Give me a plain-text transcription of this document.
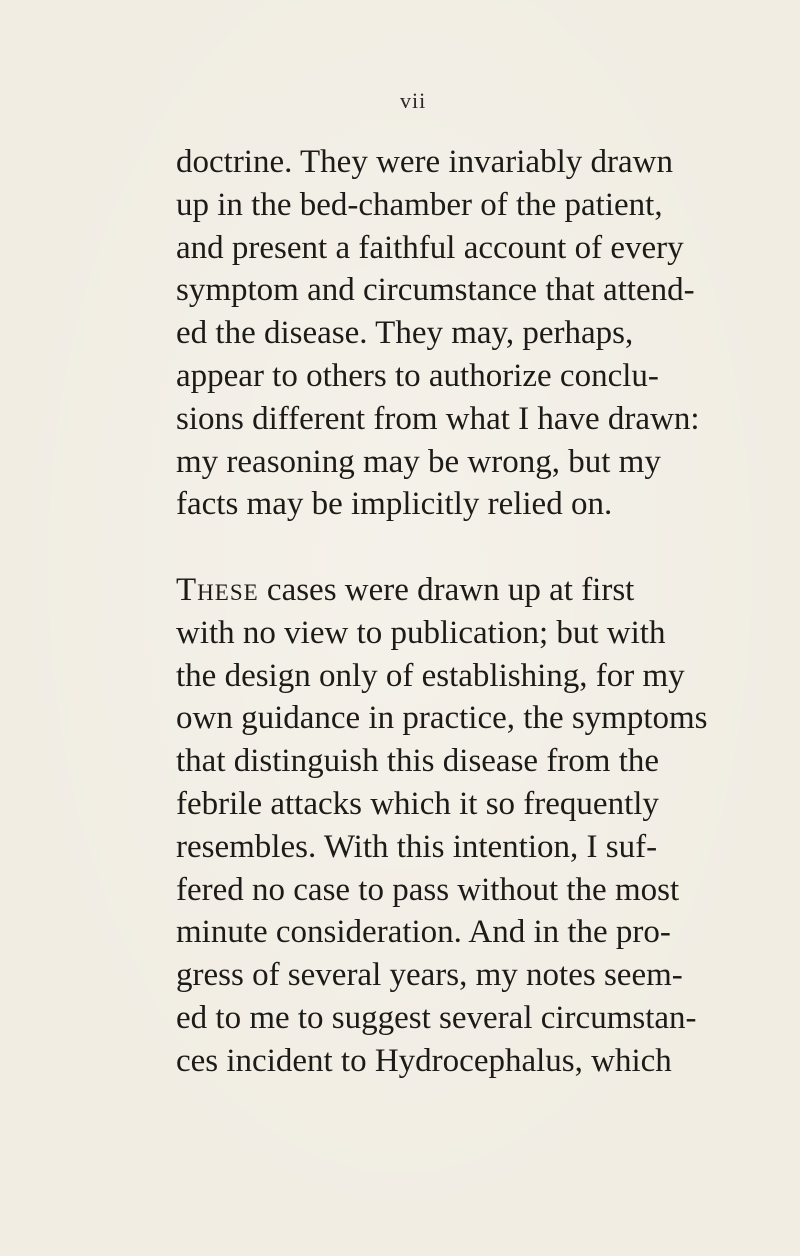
vii
doctrine. They were invariably drawn
up in the bed-chamber of the patient,
and present a faithful account of every
symptom and circumstance that attend-
ed the disease. They may, perhaps,
appear to others to authorize conclu-
sions different from what I have drawn:
my reasoning may be wrong, but my
facts may be implicitly relied on.
These cases were drawn up at first
with no view to publication; but with
the design only of establishing, for my
own guidance in practice, the symptoms
that distinguish this disease from the
febrile attacks which it so frequently
resembles. With this intention, I suf-
fered no case to pass without the most
minute consideration. And in the pro-
gress of several years, my notes seem-
ed to me to suggest several circumstan-
ces incident to Hydrocephalus, which
